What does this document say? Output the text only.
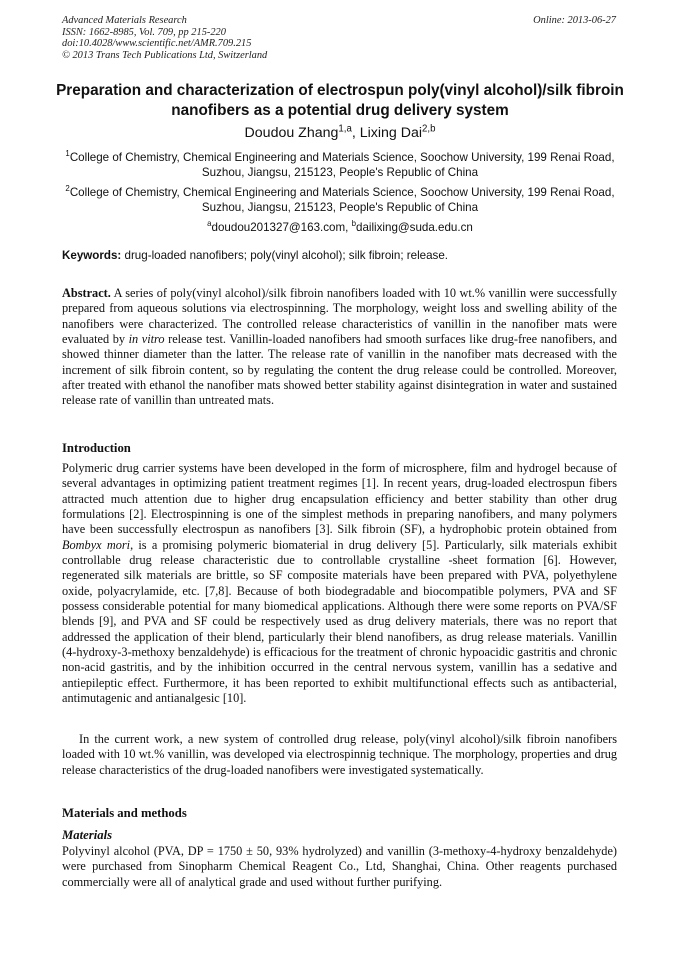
Advanced Materials Research
ISSN: 1662-8985, Vol. 709, pp 215-220
doi:10.4028/www.scientific.net/AMR.709.215
© 2013 Trans Tech Publications Ltd, Switzerland
Online: 2013-06-27
Preparation and characterization of electrospun poly(vinyl alcohol)/silk fibroin nanofibers as a potential drug delivery system
Doudou Zhang$^{1,a}$, Lixing Dai$^{2,b}$
$^1$College of Chemistry, Chemical Engineering and Materials Science, Soochow University, 199 Renai Road, Suzhou, Jiangsu, 215123, People's Republic of China
$^2$College of Chemistry, Chemical Engineering and Materials Science, Soochow University, 199 Renai Road, Suzhou, Jiangsu, 215123, People's Republic of China
$^a$doudou201327@163.com, $^b$dailixing@suda.edu.cn
Keywords: drug-loaded nanofibers; poly(vinyl alcohol); silk fibroin; release.
Abstract. A series of poly(vinyl alcohol)/silk fibroin nanofibers loaded with 10 wt.% vanillin were successfully prepared from aqueous solutions via electrospinning. The morphology, weight loss and swelling ability of the nanofibers were characterized. The controlled release characteristics of vanillin in the nanofiber mats were evaluated by in vitro release test. Vanillin-loaded nanofibers had smooth surfaces like drug-free nanofibers, and showed thinner diameter than the latter. The release rate of vanillin in the nanofiber mats decreased with the increment of silk fibroin content, so by regulating the content the drug release could be controlled. Moreover, after treated with ethanol the nanofiber mats showed better stability against disintegration in water and sustained release rate of vanillin than untreated mats.
Introduction
Polymeric drug carrier systems have been developed in the form of microsphere, film and hydrogel because of several advantages in optimizing patient treatment regimes [1]. In recent years, drug-loaded electrospun fibers attracted much attention due to higher drug encapsulation efficiency and better stability than other drug formulations [2]. Electrospinning is one of the simplest methods in preparing nanofibers, and many polymers have been successfully electrospun as nanofibers [3]. Silk fibroin (SF), a hydrophobic protein obtained from Bombyx mori, is a promising polymeric biomaterial in drug delivery [5]. Particularly, silk materials exhibit controllable drug release characteristic due to controllable crystalline -sheet formation [6]. However, regenerated silk materials are brittle, so SF composite materials have been prepared with PVA, polyethylene oxide, polyacrylamide, etc. [7,8]. Because of both biodegradable and biocompatible polymers, PVA and SF possess considerable potential for many biomedical applications. Although there were some reports on PVA/SF blends [9], and PVA and SF could be respectively used as drug delivery materials, there was no report that addressed the application of their blend, particularly their blend nanofibers, as drug release materials. Vanillin (4-hydroxy-3-methoxy benzaldehyde) is efficacious for the treatment of chronic hypoacidic gastritis and chronic non-acid gastritis, and by the inhibition occurred in the central nervous system, vanillin has a sedative and antiepileptic effect. Furthermore, it has been reported to exhibit multifunctional effects such as antibacterial, antimutagenic and antianalgesic [10].
In the current work, a new system of controlled drug release, poly(vinyl alcohol)/silk fibroin nanofibers loaded with 10 wt.% vanillin, was developed via electrospinnig technique. The morphology, properties and drug release characteristics of the drug-loaded nanofibers were investigated systematically.
Materials and methods
Materials
Polyvinyl alcohol (PVA, DP = 1750 ± 50, 93% hydrolyzed) and vanillin (3-methoxy-4-hydroxy benzaldehyde) were purchased from Sinopharm Chemical Reagent Co., Ltd, Shanghai, China. Other reagents purchased commercially were all of analytical grade and used without further purifying.
